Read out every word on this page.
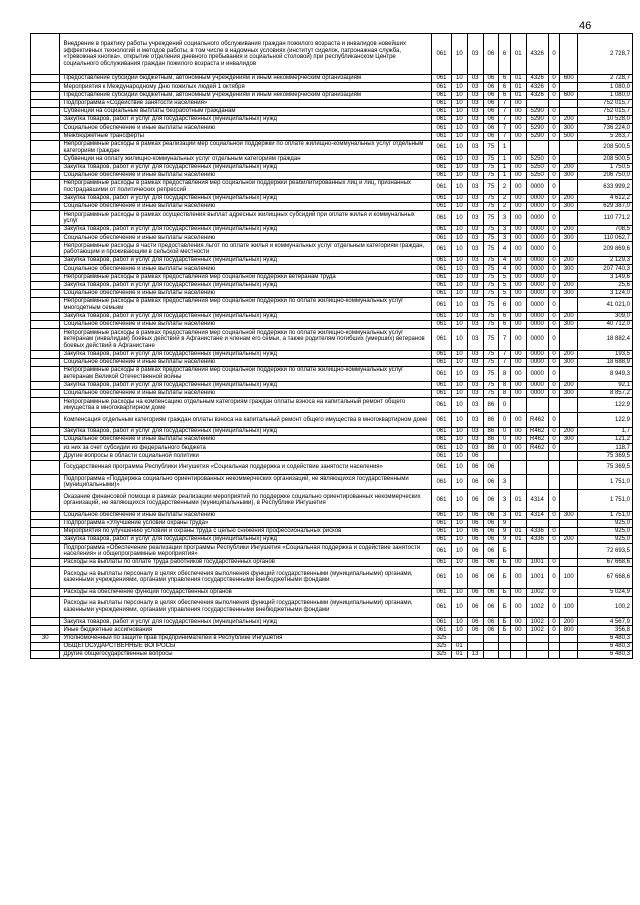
46
	Внедрение в практику работы учреждений социального обслуживания граждан пожилого возраста и инвалидов новейших эффективных технологий и методов работы, в том числе в надомных условиях (институт сиделок, патронажная служба, «тревожная кнопка», открытие отделения дневного пребывания и социальной столовой) при республиканском Центре социального обслуживания граждан пожилого возраста и инвалидов	061	10	03	06	6	01	4326	0		2 728,7
	Предоставление субсидий бюджетным, автономным учреждениям и иным некоммерческим организациям	061	10	03	06	6	01	4326	0	600	2 728,7
	Мероприятия к Международному Дню пожилых людей 1 октября	061	10	03	06	6	01	4326	0		1 080,0
	Предоставление субсидий бюджетным, автономным учреждениям и иным некоммерческим организациям	061	10	03	06	6	01	4326	0	600	1 080,0
	Подпрограмма «Содействие занятости населения»	061	10	03	06	7	00				752 015,7
	Субвенции на социальные выплаты безработным гражданам	061	10	03	06	7	00	5290	0		752 015,7
	Закупка товаров, работ и услуг для государственных (муниципальных) нужд	061	10	03	06	7	00	5290	0	200	10 528,0
	Социальное обеспечение и иные выплаты населению	061	10	03	06	7	00	5290	0	300	736 224,0
	Межбюджетные трансферты	061	10	03	06	7	00	5290	0	500	5 263,7
	Непрограммные расходы в рамках реализации мер социальной поддержки по оплате жилищно-коммунальных услуг отдельным категориям граждан	061	10	03	75	1					208 500,5
	Субвенции на оплату жилищно-коммунальных услуг отдельным категориям граждан	061	10	03	75	1	00	5250	0		208 500,5
	Закупка товаров, работ и услуг для государственных (муниципальных) нужд	061	10	03	75	1	00	5250	0	200	1 750,5
	Социальное обеспечение и иные выплаты населению	061	10	03	75	1	00	5250	0	300	206 750,0
	Непрограммные расходы в рамках предоставления мер социальной поддержки реабилитированных лиц и лиц, признанных пострадавшими от политических репрессий	061	10	03	75	2	00	0000	0		633 999,2
	Закупка товаров, работ и услуг для государственных (муниципальных) нужд	061	10	03	75	2	00	0000	0	200	4 612,2
	Социальное обеспечение и иные выплаты населению	061	10	03	75	2	00	0000	0	300	629 387,0
	Непрограммные расходы в рамках осуществления выплат адресных жилищных субсидий при оплате жилья и коммунальных услуг	061	10	03	75	3	00	0000	0		110 771,2
	Закупка товаров, работ и услуг для государственных (муниципальных) нужд	061	10	03	75	3	00	0000	0	200	708,5
	Социальное обеспечение и иные выплаты населению	061	10	03	75	3	00	0000	0	300	110 062,7
	Непрограммные расходы в части предоставления льгот по оплате жилья и коммунальных услуг отдельным категориям граждан, работающим и проживающим в сельской местности	061	10	03	75	4	00	0000	0		209 869,6
	Закупка товаров, работ и услуг для государственных (муниципальных) нужд	061	10	03	75	4	00	0000	0	200	2 129,3
	Социальное обеспечение и иные выплаты населению	061	10	03	75	4	00	0000	0	300	207 740,3
	Непрограммные расходы в рамках предоставления мер социальной поддержки ветеранам труда	061	10	03	75	5	00	0000	0		3 149,6
	Закупка товаров, работ и услуг для государственных (муниципальных) нужд	061	10	03	75	5	00	0000	0	200	25,6
	Социальное обеспечение и иные выплаты населению	061	10	03	75	5	00	0000	0	300	3 124,0
	Непрограммные расходы в рамках предоставления мер социальной поддержки по оплате жилищно-коммунальных услуг многодетным семьям	061	10	03	75	6	00	0000	0		41 021,0
	Закупка товаров, работ и услуг для государственных (муниципальных) нужд	061	10	03	75	6	00	0000	0	200	309,0
	Социальное обеспечение и иные выплаты населению	061	10	03	75	6	00	0000	0	300	40 712,0
	Непрограммные расходы в рамках предоставления мер социальной поддержки по оплате жилищно-коммунальных услуг ветеранам (инвалидам) боевых действий в Афганистане и членам его семьи, а также родителям погибших (умерших) ветеранов боевых действий в Афганистане	061	10	03	75	7	00	0000	0		18 882,4
	Закупка товаров, работ и услуг для государственных (муниципальных) нужд	061	10	03	75	7	00	0000	0	200	193,5
	Социальное обеспечение и иные выплаты населению	061	10	03	75	7	00	0000	0	300	18 688,9
	Непрограммные расходы в рамках предоставления мер социальной поддержки по оплате жилищно-коммунальных услуг ветеранам Великой Отечественной войны	061	10	03	75	8	00	0000	0		8 949,3
	Закупка товаров, работ и услуг для государственных (муниципальных) нужд	061	10	03	75	8	00	0000	0	200	92,1
	Социальное обеспечение и иные выплаты населению	061	10	03	75	8	00	0000	0	300	8 857,2
	Непрограммные расходы на компенсацию отдельным категориям граждан оплаты взноса на капитальный ремонт общего имущества в многоквартирном доме	061	10	03	86	0					122,9
	Компенсация отдельным категориям граждан оплаты взноса на капитальный ремонт общего имущества в многоквартирном доме	061	10	03	86	0	00	R462	0		122,9
	Закупка товаров, работ и услуг для государственных (муниципальных) нужд	061	10	03	86	0	00	R462	0	200	1,7
	Социальное обеспечение и иные выплаты населению	061	10	03	86	0	00	R462	0	300	121,2
	из них за счет субсидии из федерального бюджета	061	10	03	86	0	00	R462	0		118,7
	Другие вопросы в области социальной политики	061	10	06							75 369,5
	Государственная программа Республики Ингушетия «Социальная поддержка и содействие занятости населения»	061	10	06	06						75 369,5
	Подпрограмма «Поддержка социально ориентированных некоммерческих организаций, не являющихся государственными (муниципальными)»	061	10	06	06	3					1 751,0
	Оказание финансовой помощи в рамках реализации мероприятий по поддержке социально ориентированных некоммерческих организаций, не являющихся государственными (муниципальными), в Республике Ингушетия	061	10	06	06	3	01	4314	0		1 751,0
	Социальное обеспечение и иные выплаты населению	061	10	06	06	3	01	4314	0	300	1 751,0
	Подпрограмма «Улучшение условий охраны труда»	061	10	06	06	9					925,0
	Мероприятия по улучшению условий и охраны труда с целью снижения профессиональных рисков	061	10	06	06	9	01	4336	0		925,0
	Закупка товаров, работ и услуг для государственных (муниципальных) нужд	061	10	06	06	9	01	4336	0	200	925,0
	Подпрограмма «Обеспечение реализации программы Республики Ингушетия «Социальная поддержка и содействие занятости населения» и общепрограммные мероприятия»	061	10	06	06	Б					72 693,5
	Расходы на выплаты по оплате труда работников государственных органов	061	10	06	06	Б	00	1001	0		67 668,6
	Расходы на выплаты персоналу в целях обеспечения выполнения функций государственными (муниципальными) органами, казенными учреждениями, органами управления государственными внебюджетными фондами	061	10	06	06	Б	00	1001	0	100	67 668,6
	Расходы на обеспечение функций государственных органов	061	10	06	06	Б	00	1002	0		5 024,9
	Расходы на выплаты персоналу в целях обеспечения выполнения функций государственными (муниципальными) органами, казенными учреждениями, органами управления государственными внебюджетными фондами	061	10	06	06	Б	00	1002	0	100	100,2
	Закупка товаров, работ и услуг для государственных (муниципальных) нужд	061	10	06	06	Б	00	1002	0	200	4 567,9
	Иные бюджетные ассигнования	061	10	06	06	Б	00	1002	0	800	356,8
30	Уполномоченный по защите прав предпринимателей в Республике Ингушетия	325									6 480,3
	ОБЩЕГОСУДАРСТВЕННЫЕ ВОПРОСЫ	325	01								6 480,3
	Другие общегосударственные вопросы	325	01	13							6 480,3
